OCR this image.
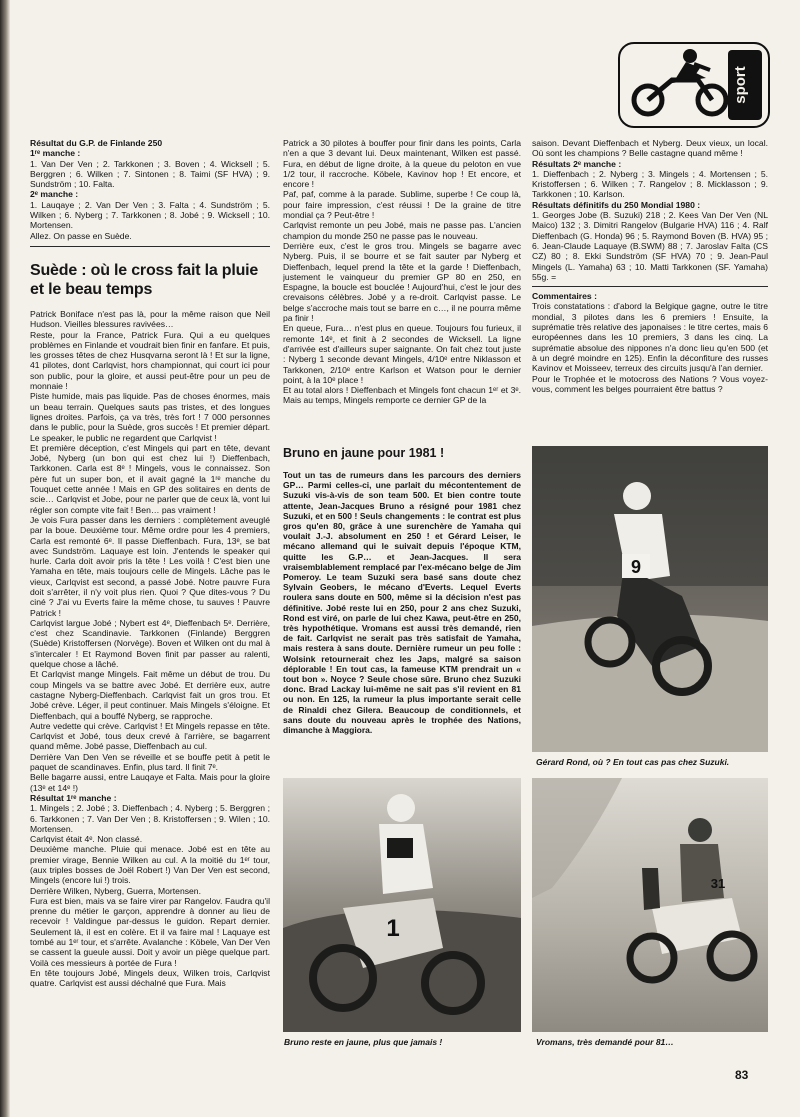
sport

Résultat du G.P. de Finlande 250

1ʳᵉ manche :

1. Van Der Ven ; 2. Tarkkonen ; 3. Boven ; 4. Wicksell ; 5. Berggren ; 6. Wilken ; 7. Sintonen ; 8. Taimi (SF HVA) ; 9. Sundström ; 10. Falta.

2ᵉ manche :

1. Lauqaye ; 2. Van Der Ven ; 3. Falta ; 4. Sundström ; 5. Wilken ; 6. Nyberg ; 7. Tarkkonen ; 8. Jobé ; 9. Wicksell ; 10. Mortensen.

Allez. On passe en Suède.

Suède : où le cross fait la pluie et le beau temps

Patrick Boniface n'est pas là, pour la même raison que Neil Hudson. Vieilles blessures ravivées…

Reste, pour la France, Patrick Fura. Qui a eu quelques problèmes en Finlande et voudrait bien finir en fanfare. Et puis, les grosses têtes de chez Husqvarna seront là ! Et sur la ligne, 41 pilotes, dont Carlqvist, hors championnat, qui court ici pour son public, pour la gloire, et aussi peut-être pour un peu de monnaie !

Piste humide, mais pas liquide. Pas de choses énormes, mais un beau terrain. Quelques sauts pas tristes, et des longues lignes droites. Parfois, ça va très, très fort ! 7 000 personnes dans le public, pour la Suède, gros succès ! Et premier départ. Le speaker, le public ne regardent que Carlqvist !

Et première déception, c'est Mingels qui part en tête, devant Jobé, Nyberg (un bon qui est chez lui !) Dieffenbach, Tarkkonen. Carla est 8ᵉ ! Mingels, vous le connaissez. Son père fut un super bon, et il avait gagné la 1ʳᵉ manche du Touquet cette année ! Mais en GP des solitaires en dents de scie… Carlqvist et Jobe, pour ne parler que de ceux là, vont lui régler son compte vite fait ! Ben… pas vraiment !

Je vois Fura passer dans les derniers : complètement aveuglé par la boue. Deuxième tour. Même ordre pour les 4 premiers, Carla est remonté 6ᵉ. Il passe Dieffenbach. Fura, 13ᵉ, se bat avec Sundström. Laquaye est loin. J'entends le speaker qui hurle. Carla doit avoir pris la tête ! Les voilà ! C'est bien une Yamaha en tête, mais toujours celle de Mingels. Lâche pas le vieux, Carlqvist est second, a passé Jobé. Notre pauvre Fura doit s'arrêter, il n'y voit plus rien. Quoi ? Que dites-vous ? Du ciné ? J'ai vu Everts faire la même chose, tu sauves ! Pauvre Patrick !

Carlqvist largue Jobé ; Nybert est 4ᵉ, Dieffenbach 5ᵉ. Derrière, c'est chez Scandinavie. Tarkkonen (Finlande) Berggren (Suède) Kristoffersen (Norvège). Boven et Wilken ont du mal à s'intercaler ! Et Raymond Boven finit par passer au ralenti, quelque chose a lâché.

Et Carlqvist mange Mingels. Fait même un début de trou. Du coup Mingels va se battre avec Jobé. Et derrière eux, autre castagne Nyberg-Dieffenbach. Carlqvist fait un gros trou. Et Jobé crève. Léger, il peut continuer. Mais Mingels s'éloigne. Et Dieffenbach, qui a bouffé Nyberg, se rapproche.

Autre vedette qui crève. Carlqvist ! Et Mingels repasse en tête. Carlqvist et Jobé, tous deux crevé à l'arrière, se bagarrent quand même. Jobé passe, Dieffenbach au cul.

Derrière Van Den Ven se réveille et se bouffe petit à petit le paquet de scandinaves. Enfin, plus tard. Il finit 7ᵉ.

Belle bagarre aussi, entre Lauqaye et Falta. Mais pour la gloire (13ᵉ et 14ᵉ !)

Résultat 1ʳᵉ manche :

1. Mingels ; 2. Jobé ; 3. Dieffenbach ; 4. Nyberg ; 5. Berggren ; 6. Tarkkonen ; 7. Van Der Ven ; 8. Kristoffersen ; 9. Wilen ; 10. Mortensen.

Carlqvist était 4ᵉ. Non classé.

Deuxième manche. Pluie qui menace. Jobé est en tête au premier virage, Bennie Wilken au cul. A la moitié du 1ᵉʳ tour, (aux triples bosses de Joël Robert !) Van Der Ven est second, Mingels (encore lui !) trois.

Derrière Wilken, Nyberg, Guerra, Mortensen.

Fura est bien, mais va se faire virer par Rangelov. Faudra qu'il prenne du métier le garçon, apprendre à donner au lieu de recevoir ! Valdingue par-dessus le guidon. Repart dernier. Seulement là, il est en colère. Et il va faire mal ! Laquaye est tombé au 1ᵉʳ tour, et s'arrête. Avalanche : Köbele, Van Der Ven se cassent la gueule aussi. Doit y avoir un piège quelque part. Voilà ces messieurs à portée de Fura !

En tête toujours Jobé, Mingels deux, Wilken trois, Carlqvist quatre. Carlqvist est aussi déchalné que Fura. Mais

Patrick a 30 pilotes à bouffer pour finir dans les points, Carla n'en a que 3 devant lui. Deux maintenant, Wilken est passé. Fura, en début de ligne droite, à la queue du peloton en vue 1/2 tour, il raccroche. Köbele, Kavinov hop ! Et encore, et encore !

Paf, paf, comme à la parade. Sublime, superbe ! Ce coup là, pour faire impression, c'est réussi ! De la graine de titre mondial ça ? Peut-être !

Carlqvist remonte un peu Jobé, mais ne passe pas. L'ancien champion du monde 250 ne passe pas le nouveau.

Derrière eux, c'est le gros trou. Mingels se bagarre avec Nyberg. Puis, il se bourre et se fait sauter par Nyberg et Dieffenbach, lequel prend la tête et la garde ! Dieffenbach, justement le vainqueur du premier GP 80 en 250, en Espagne, la boucle est bouclée ! Aujourd'hui, c'est le jour des crevaisons célèbres. Jobé y a re-droit. Carlqvist passe. Le belge s'accroche mais tout se barre en c…, il ne pourra même pa finir !

En queue, Fura… n'est plus en queue. Toujours fou furieux, il remonte 14ᵉ, et finit à 2 secondes de Wicksell. La ligne d'arrivée est d'ailleurs super saignante. On fait chez tout juste : Nyberg 1 seconde devant Mingels, 4/10ᵉ entre Niklasson et Tarkkonen, 2/10ᵉ entre Karlson et Watson pour le dernier point, à la 10ᵉ place !

Et au total alors ! Dieffenbach et Mingels font chacun 1ᵉʳ et 3ᵉ. Mais au temps, Mingels remporte ce dernier GP de la

Bruno en jaune pour 1981 !

Tout un tas de rumeurs dans les parcours des derniers GP… Parmi celles-ci, une parlait du mécontentement de Suzuki vis-à-vis de son team 500. Et bien contre toute attente, Jean-Jacques Bruno a résigné pour 1981 chez Suzuki, et en 500 ! Seuls changements : le contrat est plus gros qu'en 80, grâce à une surenchère de Yamaha qui voulait J.-J. absolument en 250 ! et Gérard Leiser, le mécano allemand qui le suivait depuis l'époque KTM, quitte les G.P… et Jean-Jacques. Il sera vraisemblablement remplacé par l'ex-mécano belge de Jim Pomeroy. Le team Suzuki sera basé sans doute chez Sylvain Geobers, le mécano d'Everts. Lequel Everts roulera sans doute en 500, même si la décision n'est pas définitive. Jobé reste lui en 250, pour 2 ans chez Suzuki, Rond est viré, on parle de lui chez Kawa, peut-être en 250, très hypothétique. Vromans est aussi très demandé, rien de fait. Carlqvist ne serait pas très satisfait de Yamaha, mais restera à sans doute. Dernière rumeur un peu folle : Wolsink retournerait chez les Japs, malgré sa saison déplorable ! En tout cas, la fameuse KTM prendrait un « tout bon ». Noyce ? Seule chose sûre. Bruno chez Suzuki donc. Brad Lackay lui-même ne sait pas s'il revient en 81 ou non. En 125, la rumeur la plus importante serait celle de Rinaldi chez Gilera. Beaucoup de conditionnels, et sans doute du nouveau après le trophée des Nations, dimanche à Maggiora.

saison. Devant Dieffenbach et Nyberg. Deux vieux, un local. Où sont les champions ? Belle castagne quand même !

Résultats 2ᵉ manche :

1. Dieffenbach ; 2. Nyberg ; 3. Mingels ; 4. Mortensen ; 5. Kristoffersen ; 6. Wilken ; 7. Rangelov ; 8. Micklasson ; 9. Tarkkonen ; 10. Karlson.

Résultats définitifs du 250 Mondial 1980 :

1. Georges Jobe (B. Suzuki) 218 ; 2. Kees Van Der Ven (NL Maico) 132 ; 3. Dimitri Rangelov (Bulgarie HVA) 116 ; 4. Ralf Dieffenbach (G. Honda) 96 ; 5. Raymond Boven (B. HVA) 95 ; 6. Jean-Claude Laquaye (B.SWM) 88 ; 7. Jaroslav Falta (CS CZ) 80 ; 8. Ekki Sundström (SF HVA) 70 ; 9. Jean-Paul Mingels (L. Yamaha) 63 ; 10. Matti Tarkkonen (SF. Yamaha) 55g. =

Commentaires :

Trois constatations : d'abord la Belgique gagne, outre le titre mondial, 3 pilotes dans les 6 premiers ! Ensuite, la suprématie très relative des japonaises : le titre certes, mais 6 européennes dans les 10 premiers, 3 dans les cinq. La suprématie absolue des nippones n'a donc lieu qu'en 500 (et à un degré moindre en 125). Enfin la déconfiture des russes Kavinov et Moisseev, terreux des circuits jusqu'à l'an dernier.

Pour le Trophée et le motocross des Nations ? Vous voyez-vous, comment les belges pourraient être battus ?

9
Gérard Rond, où ? En tout cas pas chez Suzuki.
1
Bruno reste en jaune, plus que jamais !
31
Vromans, très demandé pour 81…
83
